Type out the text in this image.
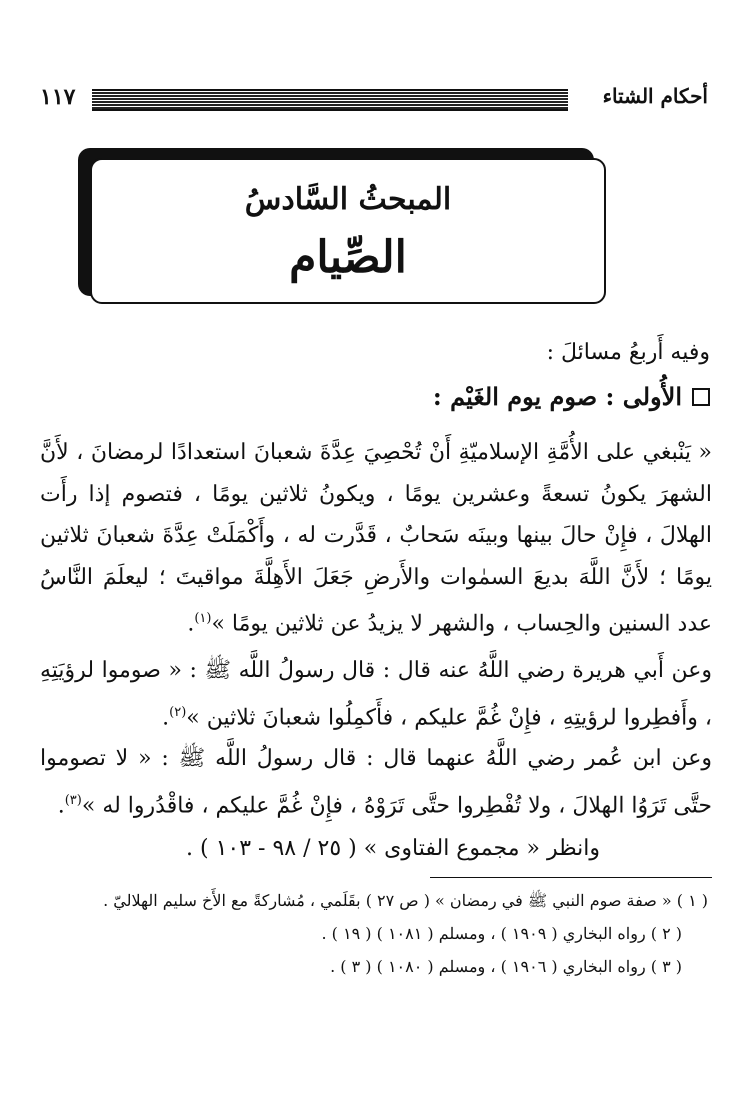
١١٧	أحكام الشتاء
المبحثُ السَّادسُ
الصِّيام
وفيه أَربعُ مسائلَ :
الأُولى : صوم يوم الغَيْم :
« يَنْبغي على الأُمَّةِ الإسلاميّةِ أَنْ تُحْصِيَ عِدَّةَ شعبانَ استعدادًا لرمضانَ ، لأَنَّ الشهرَ يكونُ تسعةً وعشرين يومًا ، ويكونُ ثلاثين يومًا ، فتصوم إذا رأَت الهلالَ ، فإِنْ حالَ بينها وبينَه سَحابٌ ، قَدَّرت له ، وأَكْمَلَتْ عِدَّةَ شعبانَ ثلاثين يومًا ؛ لأَنَّ اللَّهَ بديعَ السمٰوات والأَرضِ جَعَلَ الأَهِلَّةَ مواقيتَ ؛ ليعلَمَ النَّاسُ عدد السنين والحِساب ، والشهر لا يزيدُ عن ثلاثين يومًا »$^{(١)}$.
وعن أَبي هريرة رضي اللَّهُ عنه قال : قال رسولُ اللَّه ﷺ : « صوموا لرؤيَتِهِ ، وأَفطِروا لرؤيتِهِ ، فإِنْ غُمَّ عليكم ، فأَكمِلُوا شعبانَ ثلاثين »$^{(٢)}$.
وعن ابن عُمر رضي اللَّهُ عنهما قال : قال رسولُ اللَّه ﷺ : « لا تصوموا حتَّى تَرَوُا الهلالَ ، ولا تُفْطِروا حتَّى تَرَوْهُ ، فإِنْ غُمَّ عليكم ، فاقْدُروا له »$^{(٣)}$.
وانظر « مجموع الفتاوى » ( ٢٥ / ٩٨ - ١٠٣ ) .
( ١ ) « صفة صوم النبي ﷺ في رمضان » ( ص ٢٧ ) بقَلَمي ، مُشاركةً مع الأَخ سليم الهلاليّ .
( ٢ ) رواه البخاري ( ١٩٠٩ ) ، ومسلم ( ١٠٨١ ) ( ١٩ ) .
( ٣ ) رواه البخاري ( ١٩٠٦ ) ، ومسلم ( ١٠٨٠ ) ( ٣ ) .
